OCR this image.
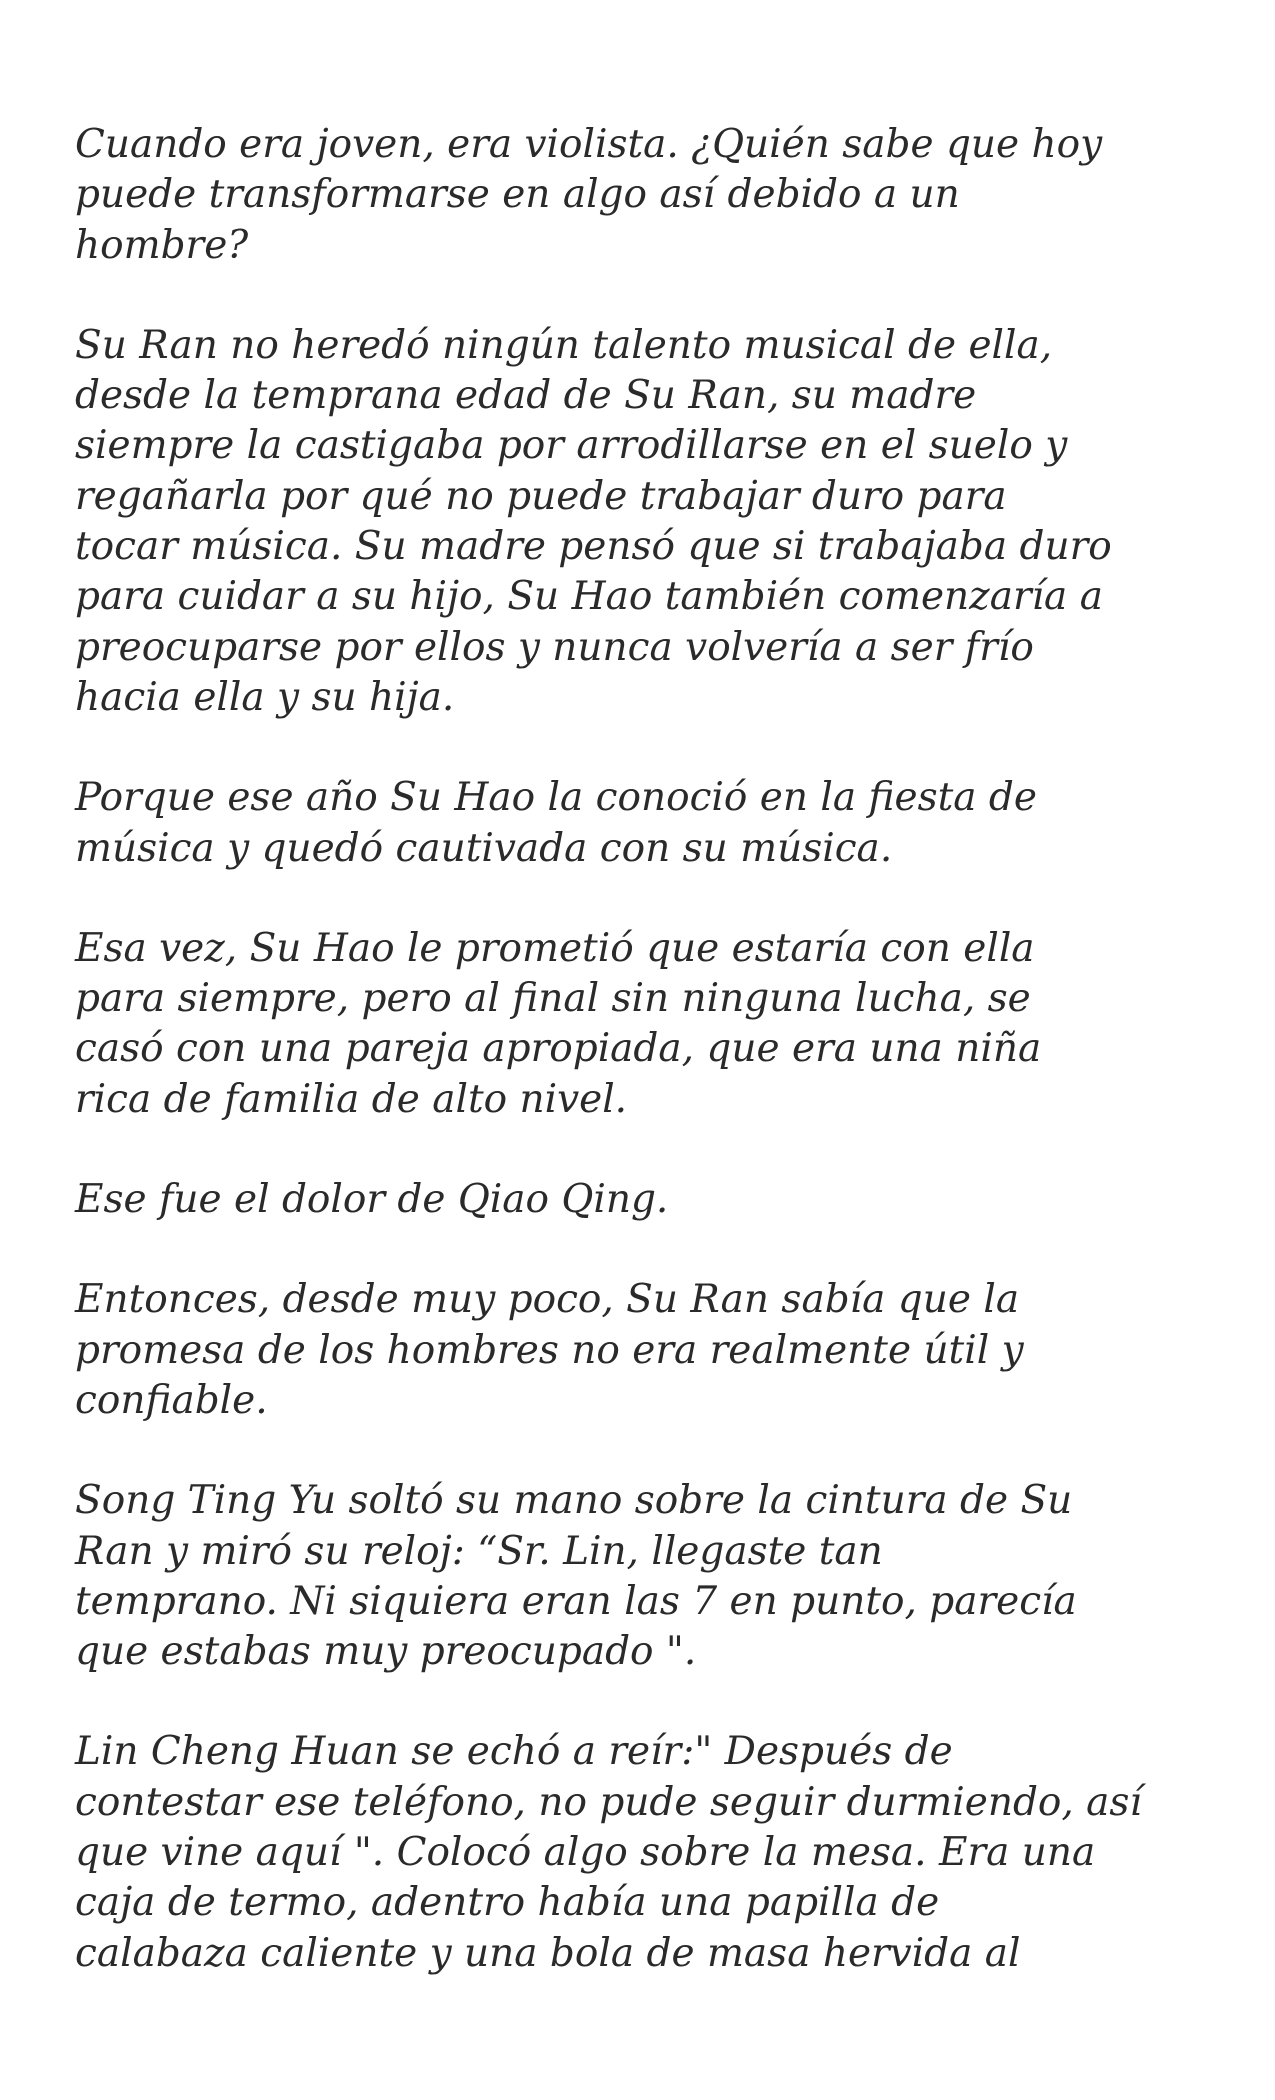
Cuando era joven, era violista. ¿Quién sabe que hoy
puede transformarse en algo así debido a un
hombre?

Su Ran no heredó ningún talento musical de ella,
desde la temprana edad de Su Ran, su madre
siempre la castigaba por arrodillarse en el suelo y
regañarla por qué no puede trabajar duro para
tocar música. Su madre pensó que si trabajaba duro
para cuidar a su hijo, Su Hao también comenzaría a
preocuparse por ellos y nunca volvería a ser frío
hacia ella y su hija.

Porque ese año Su Hao la conoció en la fiesta de
música y quedó cautivada con su música.

Esa vez, Su Hao le prometió que estaría con ella
para siempre, pero al final sin ninguna lucha, se
casó con una pareja apropiada, que era una niña
rica de familia de alto nivel.

Ese fue el dolor de Qiao Qing.

Entonces, desde muy poco, Su Ran sabía que la
promesa de los hombres no era realmente útil y
confiable.

Song Ting Yu soltó su mano sobre la cintura de Su
Ran y miró su reloj: “Sr. Lin, llegaste tan
temprano. Ni siquiera eran las 7 en punto, parecía
que estabas muy preocupado ".

Lin Cheng Huan se echó a reír:" Después de
contestar ese teléfono, no pude seguir durmiendo, así
que vine aquí ". Colocó algo sobre la mesa. Era una
caja de termo, adentro había una papilla de
calabaza caliente y una bola de masa hervida al
